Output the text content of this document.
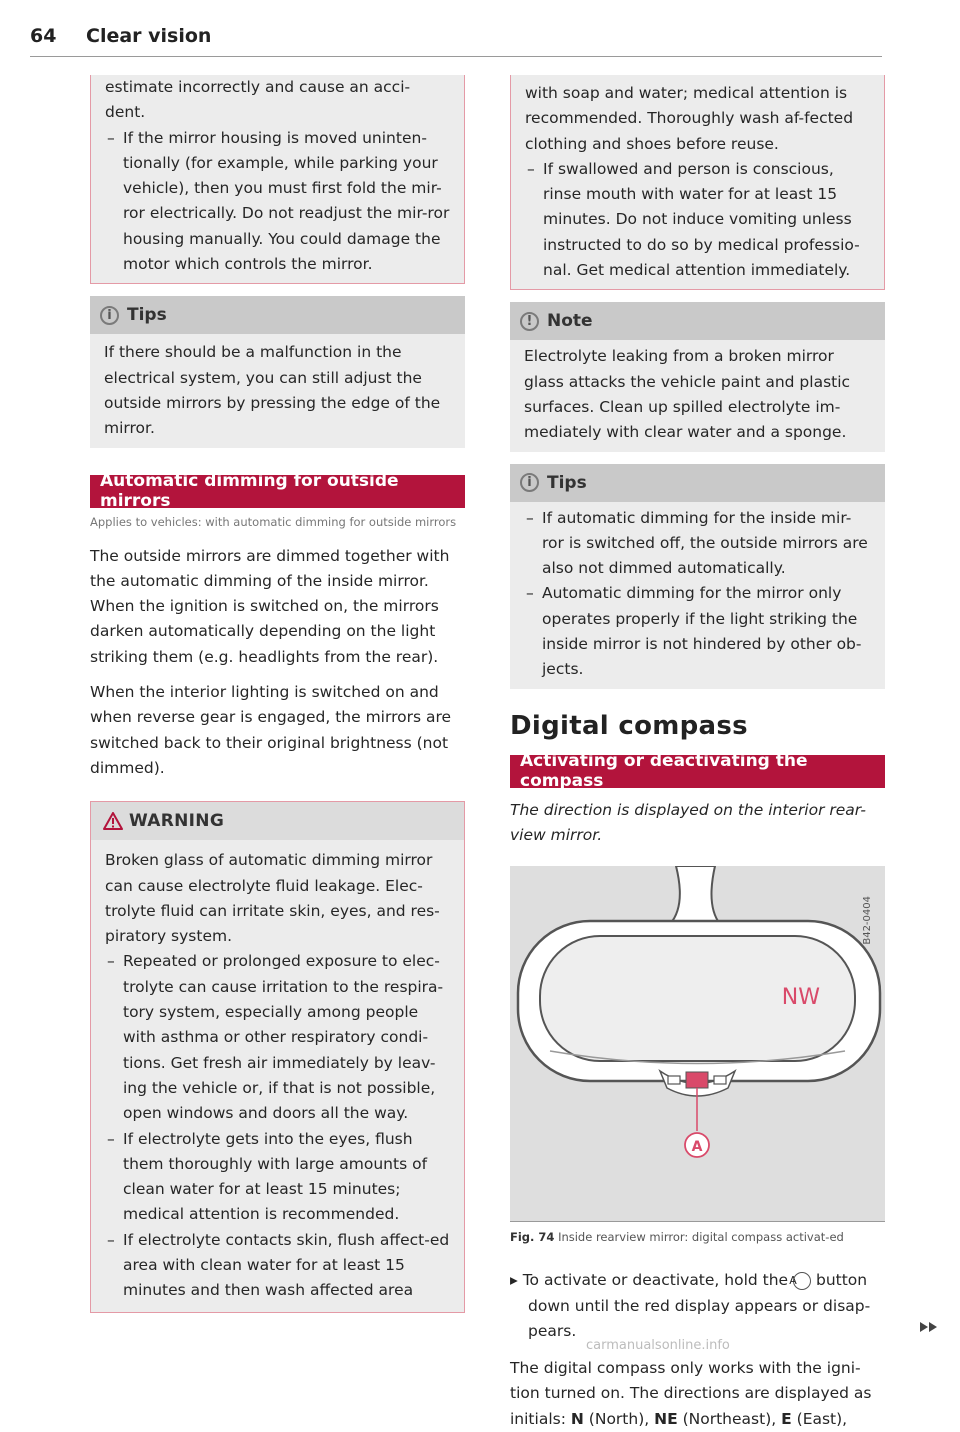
64 Clear vision

estimate incorrectly and cause an acci-dent.

– If the mirror housing is moved uninten-tionally (for example, while parking your vehicle), then you must first fold the mir-ror electrically. Do not readjust the mir-ror housing manually. You could damage the motor which controls the mirror.
i Tips

If there should be a malfunction in the electrical system, you can still adjust the outside mirrors by pressing the edge of the mirror.

Automatic dimming for outside mirrors
Applies to vehicles: with automatic dimming for outside mirrors

The outside mirrors are dimmed together with the automatic dimming of the inside mirror. When the ignition is switched on, the mirrors darken automatically depending on the light striking them (e.g. headlights from the rear).

When the interior lighting is switched on and when reverse gear is engaged, the mirrors are switched back to their original brightness (not dimmed).

WARNING

Broken glass of automatic dimming mirror can cause electrolyte fluid leakage. Elec-trolyte fluid can irritate skin, eyes, and res-piratory system.

– Repeated or prolonged exposure to elec-trolyte can cause irritation to the respira-tory system, especially among people with asthma or other respiratory condi-tions. Get fresh air immediately by leav-ing the vehicle or, if that is not possible, open windows and doors all the way.
– If electrolyte gets into the eyes, flush them thoroughly with large amounts of clean water for at least 15 minutes; medical attention is recommended.
– If electrolyte contacts skin, flush affect-ed area with clean water for at least 15 minutes and then wash affected area

with soap and water; medical attention is recommended. Thoroughly wash af-fected clothing and shoes before reuse.

– If swallowed and person is conscious, rinse mouth with water for at least 15 minutes. Do not induce vomiting unless instructed to do so by medical professio-nal. Get medical attention immediately.
! Note

Electrolyte leaking from a broken mirror glass attacks the vehicle paint and plastic surfaces. Clean up spilled electrolyte im-mediately with clear water and a sponge.

i Tips
– If automatic dimming for the inside mir-ror is switched off, the outside mirrors are also not dimmed automatically.
– Automatic dimming for the mirror only operates properly if the light striking the inside mirror is not hindered by other ob-jects.
Digital compass
Activating or deactivating the compass

The direction is displayed on the interior rear-view mirror.

NW
A
B42-0404

Fig. 74 Inside rearview mirror: digital compass activat-ed

▸ To activate or deactivate, hold the A button down until the red display appears or disap-pears.

The digital compass only works with the igni-tion turned on. The directions are displayed as initials: N (North), NE (Northeast), E (East),

carmanualsonline.info
